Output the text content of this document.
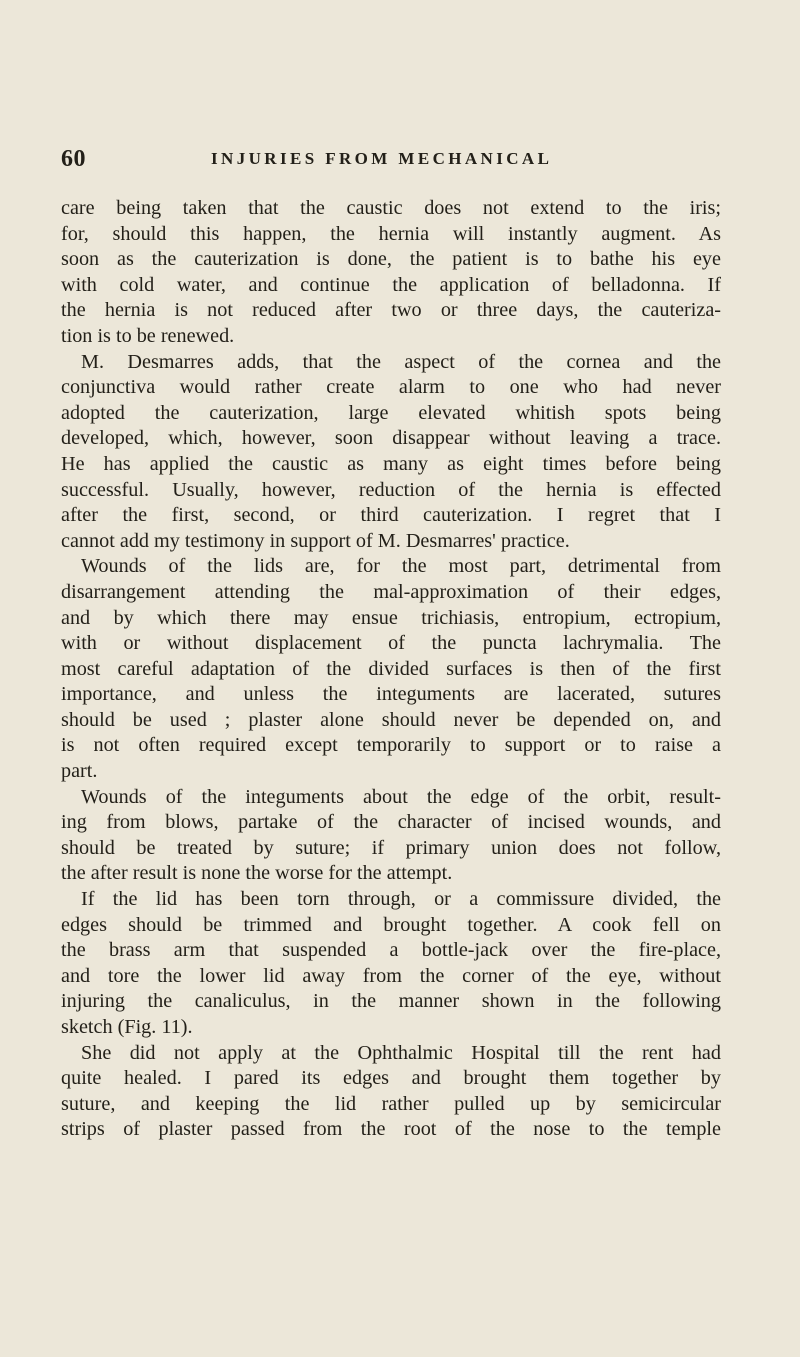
60	INJURIES FROM MECHANICAL
care being taken that the caustic does not extend to the iris;
for, should this happen, the hernia will instantly augment. As
soon as the cauterization is done, the patient is to bathe his eye
with cold water, and continue the application of belladonna. If
the hernia is not reduced after two or three days, the cauteriza-
tion is to be renewed.
M. Desmarres adds, that the aspect of the cornea and the
conjunctiva would rather create alarm to one who had never
adopted the cauterization, large elevated whitish spots being
developed, which, however, soon disappear without leaving a trace.
He has applied the caustic as many as eight times before being
successful. Usually, however, reduction of the hernia is effected
after the first, second, or third cauterization. I regret that I
cannot add my testimony in support of M. Desmarres' practice.
Wounds of the lids are, for the most part, detrimental from
disarrangement attending the mal-approximation of their edges,
and by which there may ensue trichiasis, entropium, ectropium,
with or without displacement of the puncta lachrymalia. The
most careful adaptation of the divided surfaces is then of the first
importance, and unless the integuments are lacerated, sutures
should be used ; plaster alone should never be depended on, and
is not often required except temporarily to support or to raise a
part.
Wounds of the integuments about the edge of the orbit, result-
ing from blows, partake of the character of incised wounds, and
should be treated by suture; if primary union does not follow,
the after result is none the worse for the attempt.
If the lid has been torn through, or a commissure divided, the
edges should be trimmed and brought together. A cook fell on
the brass arm that suspended a bottle-jack over the fire-place,
and tore the lower lid away from the corner of the eye, without
injuring the canaliculus, in the manner shown in the following
sketch (Fig. 11).
She did not apply at the Ophthalmic Hospital till the rent had
quite healed. I pared its edges and brought them together by
suture, and keeping the lid rather pulled up by semicircular
strips of plaster passed from the root of the nose to the temple
